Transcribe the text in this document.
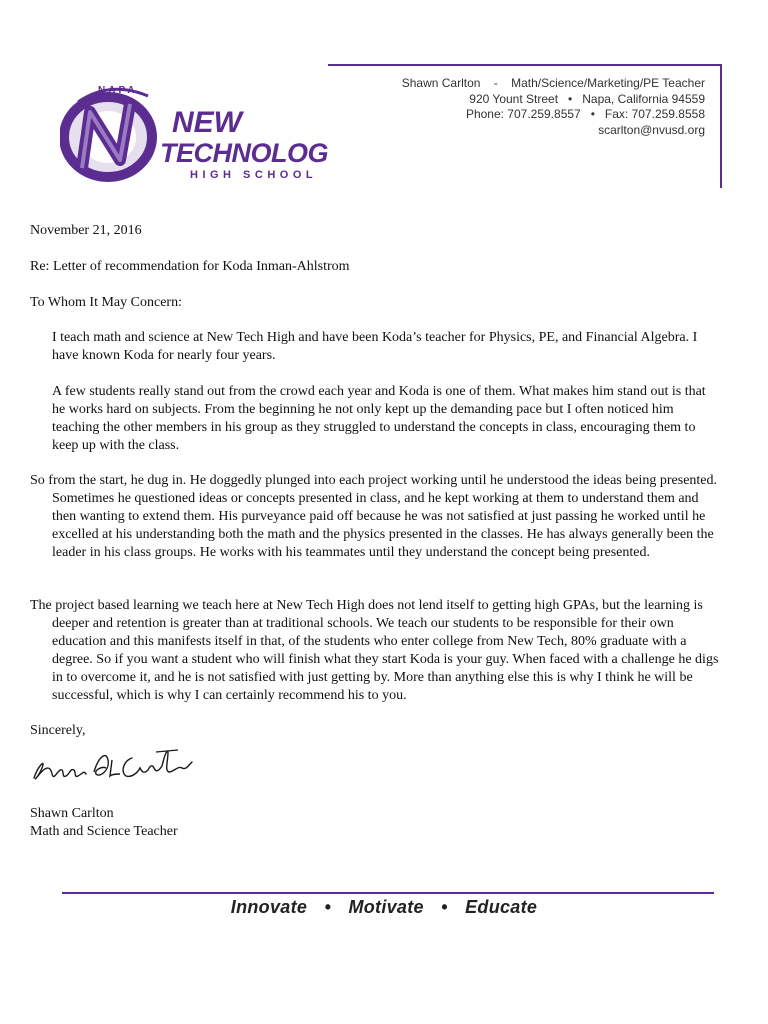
NAPA
NEW
TECHNOLOGY
HIGH SCHOOL
Shawn Carlton    -    Math/Science/Marketing/PE Teacher
920 Yount Street   •   Napa, California 94559
Phone: 707.259.8557   •   Fax: 707.259.8558
scarlton@nvusd.org
November 21, 2016
Re: Letter of recommendation for Koda Inman-Ahlstrom
To Whom It May Concern:
I teach math and science at New Tech High and have been Koda’s teacher for Physics, PE, and Financial Algebra. I have known Koda for nearly four years.
A few students really stand out from the crowd each year and Koda is one of them. What makes him stand out is that he works hard on subjects. From the beginning he not only kept up the demanding pace but I often noticed him teaching the other members in his group as they struggled to understand the concepts in class, encouraging them to keep up with the class.
So from the start, he dug in. He doggedly plunged into each project working until he understood the ideas being presented. Sometimes he questioned ideas or concepts presented in class, and he kept working at them to understand them and then wanting to extend them. His purveyance paid off because he was not satisfied at just passing he worked until he excelled at his understanding both the math and the physics presented in the classes. He has always generally been the leader in his class groups. He works with his teammates until they understand the concept being presented.
The project based learning we teach here at New Tech High does not lend itself to getting high GPAs, but the learning is deeper and retention is greater than at traditional schools. We teach our students to be responsible for their own education and this manifests itself in that, of the students who enter college from New Tech, 80% graduate with a degree. So if you want a student who will finish what they start Koda is your guy. When faced with a challenge he digs in to overcome it, and he is not satisfied with just getting by. More than anything else this is why I think he will be successful, which is why I can certainly recommend his to you.
Sincerely,
Shawn Carlton
Math and Science Teacher
Innovate • Motivate • Educate
